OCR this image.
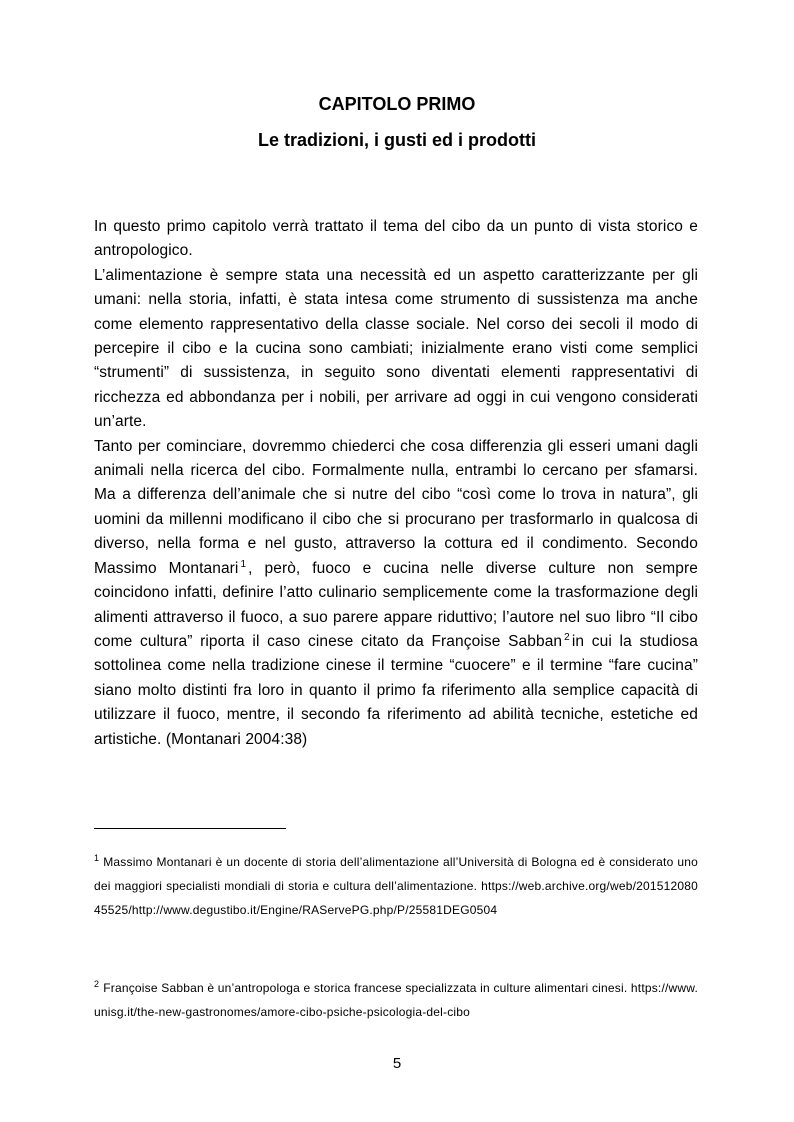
CAPITOLO PRIMO
Le tradizioni, i gusti ed i prodotti

In questo primo capitolo verrà trattato il tema del cibo da un punto di vista storico e antropologico.

L’alimentazione è sempre stata una necessità ed un aspetto caratterizzante per gli umani: nella storia, infatti, è stata intesa come strumento di sussistenza ma anche come elemento rappresentativo della classe sociale. Nel corso dei secoli il modo di percepire il cibo e la cucina sono cambiati; inizialmente erano visti come semplici “strumenti” di sussistenza, in seguito sono diventati elementi rappresentativi di ricchezza ed abbondanza per i nobili, per arrivare ad oggi in cui vengono considerati un’arte.

Tanto per cominciare, dovremmo chiederci che cosa differenzia gli esseri umani dagli animali nella ricerca del cibo. Formalmente nulla, entrambi lo cercano per sfamarsi. Ma a differenza dell’animale che si nutre del cibo “così come lo trova in natura”, gli uomini da millenni modificano il cibo che si procurano per trasformarlo in qualcosa di diverso, nella forma e nel gusto, attraverso la cottura ed il condimento. Secondo Massimo Montanari $^1$ , però, fuoco e cucina nelle diverse culture non sempre coincidono infatti, definire l’atto culinario semplicemente come la trasformazione degli alimenti attraverso il fuoco, a suo parere appare riduttivo; l’autore nel suo libro “Il cibo come cultura” riporta il caso cinese citato da Françoise Sabban $^2$ in cui la studiosa sottolinea come nella tradizione cinese il termine “cuocere” e il termine “fare cucina” siano molto distinti fra loro in quanto il primo fa riferimento alla semplice capacità di utilizzare il fuoco, mentre, il secondo fa riferimento ad abilità tecniche, estetiche ed artistiche. (Montanari 2004:38)

$^1$ Massimo Montanari è un docente di storia dell’alimentazione all’Università di Bologna ed è considerato uno dei maggiori specialisti mondiali di storia e cultura dell’alimentazione. https://web.archive.org/web/20151208045525/http://www.degustibo.it/Engine/RAServePG.php/P/25581DEG0504
$^2$ Françoise Sabban è un’antropologa e storica francese specializzata in culture alimentari cinesi. https://www.unisg.it/the-new-gastronomes/amore-cibo-psiche-psicologia-del-cibo
5
